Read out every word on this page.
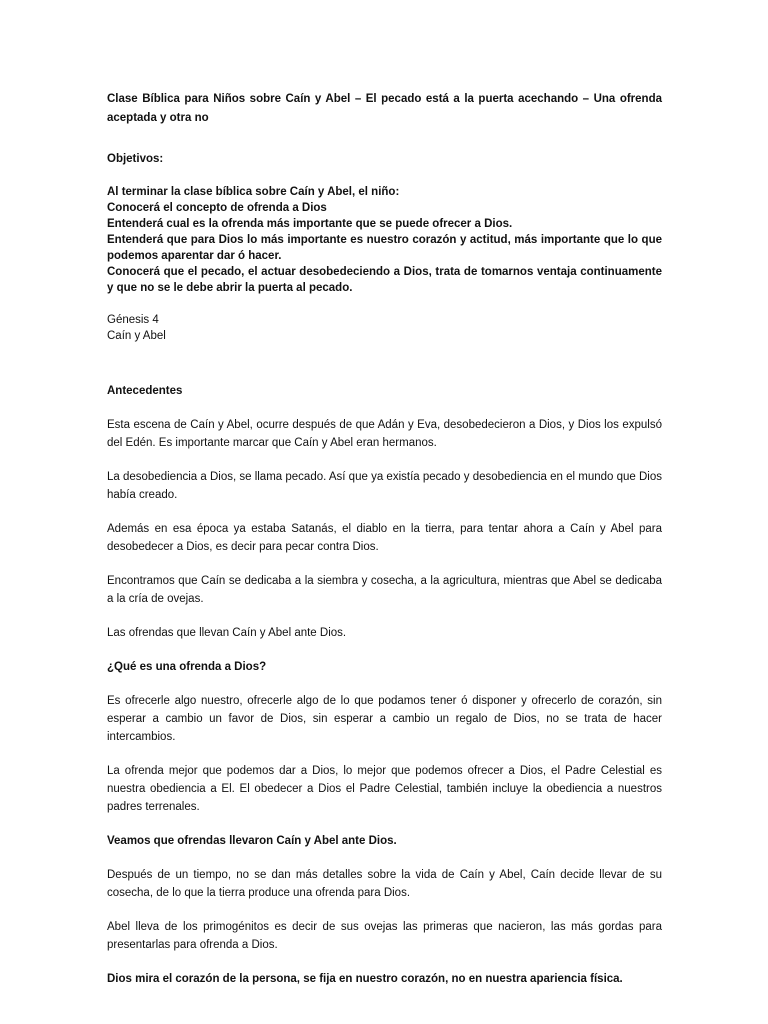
Clase Bíblica para Niños sobre Caín y Abel – El pecado está a la puerta acechando – Una ofrenda aceptada y otra no
Objetivos:
Al terminar la clase bíblica sobre Caín y Abel, el niño:
Conocerá el concepto de ofrenda a Dios
Entenderá cual es la ofrenda más importante que se puede ofrecer a Dios.
Entenderá que para Dios lo más importante es nuestro corazón y actitud, más importante que lo que podemos aparentar dar ó hacer.
Conocerá que el pecado, el actuar desobedeciendo a Dios, trata de tomarnos ventaja continuamente y que no se le debe abrir la puerta al pecado.
Génesis 4
Caín y Abel
Antecedentes
Esta escena de Caín y Abel, ocurre después de que Adán y Eva, desobedecieron a Dios, y Dios los expulsó del Edén. Es importante marcar que Caín y Abel eran hermanos.
La desobediencia a Dios, se llama pecado. Así que ya existía pecado y desobediencia en el mundo que Dios había creado.
Además en esa época ya estaba Satanás, el diablo en la tierra, para tentar ahora a Caín y Abel para desobedecer a Dios, es decir para pecar contra Dios.
Encontramos que Caín se dedicaba a la siembra y cosecha, a la agricultura, mientras que Abel se dedicaba a la cría de ovejas.
Las ofrendas que llevan Caín y Abel ante Dios.
¿Qué es una ofrenda a Dios?
Es ofrecerle algo nuestro, ofrecerle algo de lo que podamos tener ó disponer y ofrecerlo de corazón, sin esperar a cambio un favor de Dios, sin esperar a cambio un regalo de Dios, no se trata de hacer intercambios.
La ofrenda mejor que podemos dar a Dios, lo mejor que podemos ofrecer a Dios, el Padre Celestial es nuestra obediencia a El. El obedecer a Dios el Padre Celestial, también incluye la obediencia a nuestros padres terrenales.
Veamos que ofrendas llevaron Caín y Abel ante Dios.
Después de un tiempo, no se dan más detalles sobre la vida de Caín y Abel, Caín decide llevar de su cosecha, de lo que la tierra produce una ofrenda para Dios.
Abel lleva de los primogénitos es decir de sus ovejas las primeras que nacieron, las más gordas para presentarlas para ofrenda a Dios.
Dios mira el corazón de la persona, se fija en nuestro corazón, no en nuestra apariencia física.
